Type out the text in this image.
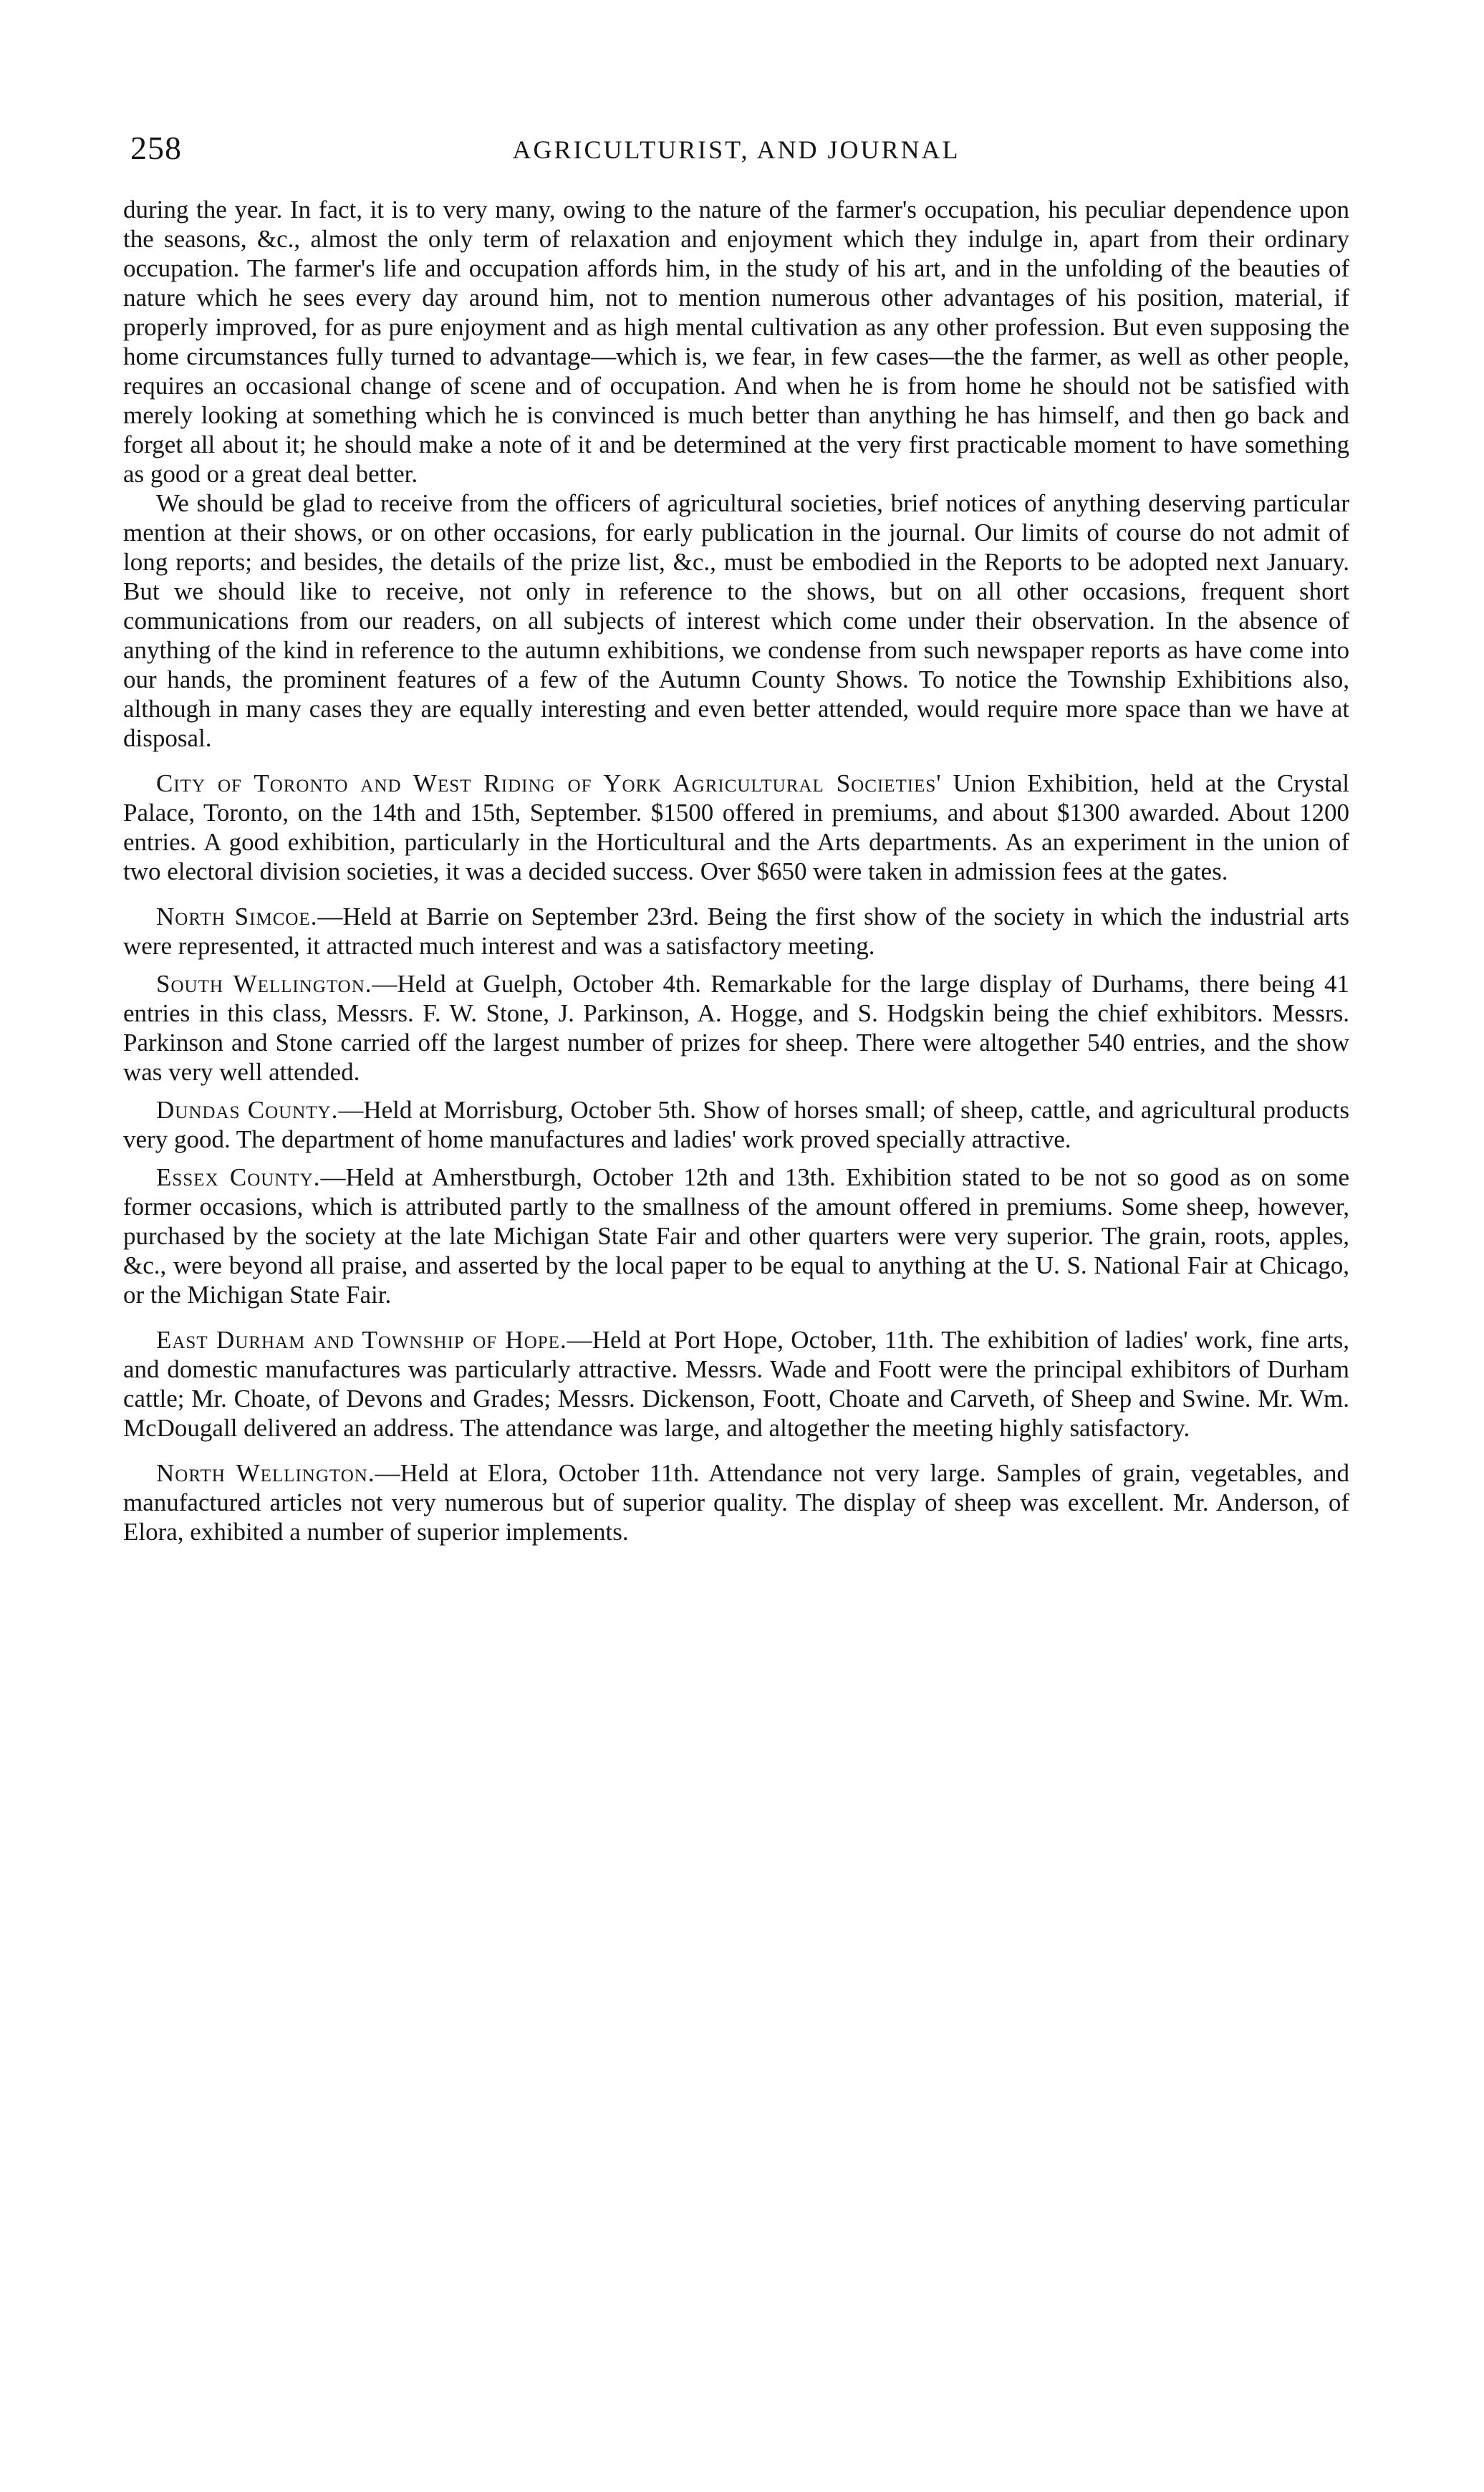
258	AGRICULTURIST, AND JOURNAL

during the year. In fact, it is to very many, owing to the nature of the farmer's occupation, his peculiar dependence upon the seasons, &c., almost the only term of relaxation and enjoyment which they indulge in, apart from their ordinary occupation. The farmer's life and occupation affords him, in the study of his art, and in the unfolding of the beauties of nature which he sees every day around him, not to mention numerous other advantages of his position, material, if properly improved, for as pure enjoyment and as high mental cultivation as any other profession. But even supposing the home circumstances fully turned to advantage—which is, we fear, in few cases—the the farmer, as well as other people, requires an occasional change of scene and of occupation. And when he is from home he should not be satisfied with merely looking at something which he is convinced is much better than anything he has himself, and then go back and forget all about it; he should make a note of it and be determined at the very first practicable moment to have something as good or a great deal better.

We should be glad to receive from the officers of agricultural societies, brief notices of anything deserving particular mention at their shows, or on other occasions, for early publication in the journal. Our limits of course do not admit of long reports; and besides, the details of the prize list, &c., must be embodied in the Reports to be adopted next January. But we should like to receive, not only in reference to the shows, but on all other occasions, frequent short communications from our readers, on all subjects of interest which come under their observation. In the absence of anything of the kind in reference to the autumn exhibitions, we condense from such newspaper reports as have come into our hands, the prominent features of a few of the Autumn County Shows. To notice the Township Exhibitions also, although in many cases they are equally interesting and even better attended, would require more space than we have at disposal.

City of Toronto and West Riding of York Agricultural Societies' Union Exhibition, held at the Crystal Palace, Toronto, on the 14th and 15th, September. $1500 offered in premiums, and about $1300 awarded. About 1200 entries. A good exhibition, particularly in the Horticultural and the Arts departments. As an experiment in the union of two electoral division societies, it was a decided success. Over $650 were taken in admission fees at the gates.

North Simcoe.—Held at Barrie on September 23rd. Being the first show of the society in which the industrial arts were represented, it attracted much interest and was a satisfactory meeting.

South Wellington.—Held at Guelph, October 4th. Remarkable for the large display of Durhams, there being 41 entries in this class, Messrs. F. W. Stone, J. Parkinson, A. Hogge, and S. Hodgskin being the chief exhibitors. Messrs. Parkinson and Stone carried off the largest number of prizes for sheep. There were altogether 540 entries, and the show was very well attended.

Dundas County.—Held at Morrisburg, October 5th. Show of horses small; of sheep, cattle, and agricultural products very good. The department of home manufactures and ladies' work proved specially attractive.

Essex County.—Held at Amherstburgh, October 12th and 13th. Exhibition stated to be not so good as on some former occasions, which is attributed partly to the smallness of the amount offered in premiums. Some sheep, however, purchased by the society at the late Michigan State Fair and other quarters were very superior. The grain, roots, apples, &c., were beyond all praise, and asserted by the local paper to be equal to anything at the U. S. National Fair at Chicago, or the Michigan State Fair.

East Durham and Township of Hope.—Held at Port Hope, October, 11th. The exhibition of ladies' work, fine arts, and domestic manufactures was particularly attractive. Messrs. Wade and Foott were the principal exhibitors of Durham cattle; Mr. Choate, of Devons and Grades; Messrs. Dickenson, Foott, Choate and Carveth, of Sheep and Swine. Mr. Wm. McDougall delivered an address. The attendance was large, and altogether the meeting highly satisfactory.

North Wellington.—Held at Elora, October 11th. Attendance not very large. Samples of grain, vegetables, and manufactured articles not very numerous but of superior quality. The display of sheep was excellent. Mr. Anderson, of Elora, exhibited a number of superior implements.
